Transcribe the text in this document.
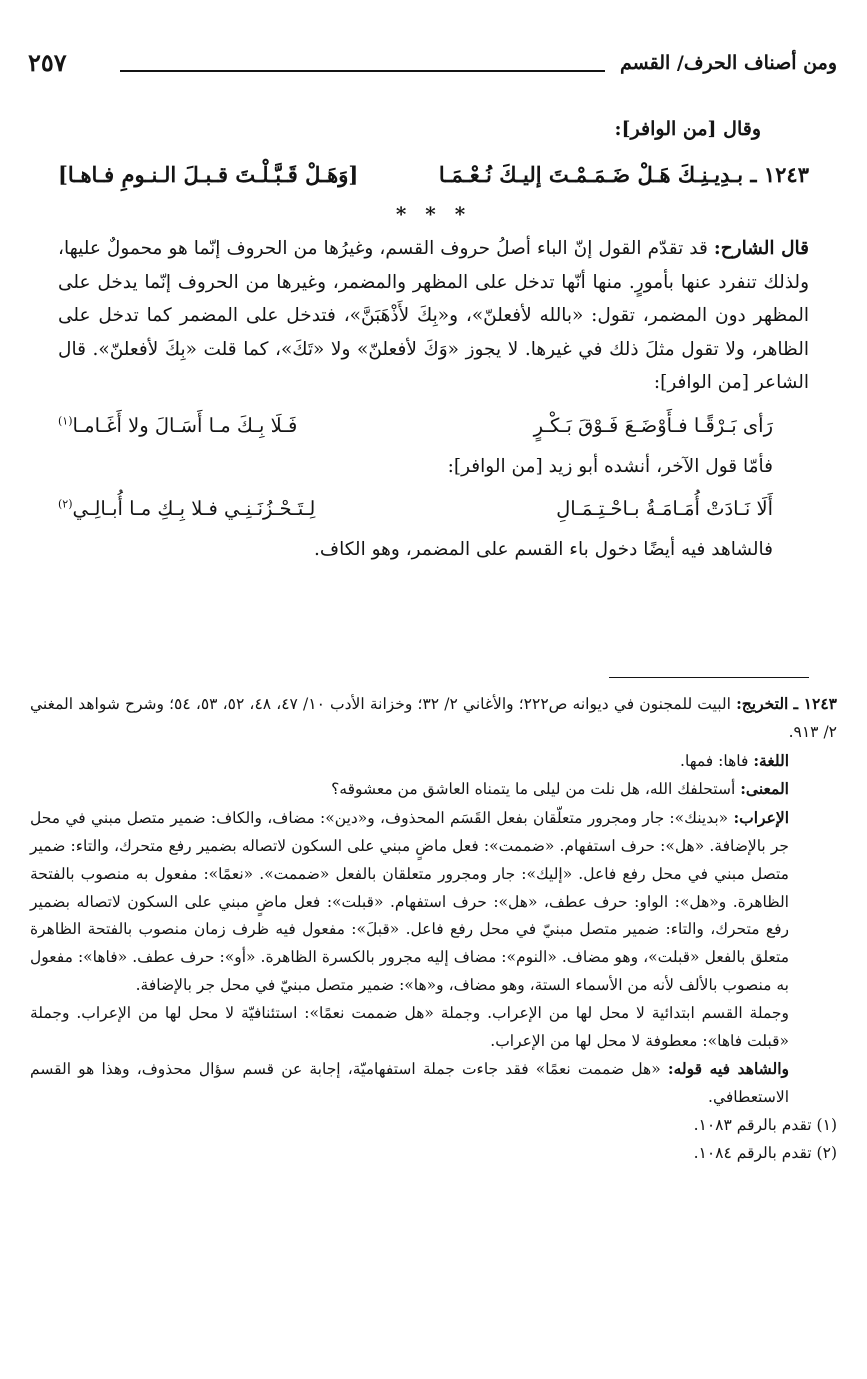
ومن أصناف الحرف/ القسم
٢٥٧
وقال [من الوافر]:
١٢٤٣ ـ بـدِيـنِـكَ هَـلْ ضَـمَـمْـتَ إليـكَ نُـعْـمَـا
[وَهَـلْ قَـبَّـلْـتَ قـبـلَ الـنـومِ فـاهـا]
* * *
قال الشارح: قد تقدّم القول إنّ الباء أصلُ حروف القسم، وغيرُها من الحروف إنّما هو محمولٌ عليها، ولذلك تنفرد عنها بأمورٍ. منها أنّها تدخل على المظهر والمضمر، وغيرها من الحروف إنّما يدخل على المظهر دون المضمر، تقول: «بالله لأفعلنّ»، و«بِكَ لأَذْهَبَنَّ»، فتدخل على المضمر كما تدخل على الظاهر، ولا تقول مثلَ ذلك في غيرها. لا يجوز «وَكَ لأفعلنّ» ولا «تَكَ»، كما قلت «بِكَ لأفعلنّ». قال الشاعر [من الوافر]:
رَأى بَـرْقًـا فـأَوْضَـعَ فَـوْقَ بَـكْـرٍ
فَـلَا بِـكَ مـا أَسَـالَ ولا أَغَـامـا$^{(١)}$
فأمّا قول الآخر، أنشده أبو زيد [من الوافر]:
أَلَا نَـادَتْ أُمَـامَـةُ بـاحْـتِـمَـالِ
لِـتَـحْـزُنَـنِـي فـلا بِـكِ مـا أُبـالِـي$^{(٢)}$
فالشاهد فيه أيضًا دخول باء القسم على المضمر، وهو الكاف.
١٢٤٣ ـ التخريج: البيت للمجنون في ديوانه ص٢٢٢؛ والأغاني ٢/ ٣٢؛ وخزانة الأدب ١٠/ ٤٧، ٤٨، ٥٢، ٥٣، ٥٤؛ وشرح شواهد المغني ٢/ ٩١٣.
اللغة: فاها: فمها.
المعنى: أستحلفك الله، هل نلت من ليلى ما يتمناه العاشق من معشوقه؟
الإعراب: «بدينك»: جار ومجرور متعلّقان بفعل القَسَم المحذوف، و«دين»: مضاف، والكاف: ضمير متصل مبني في محل جر بالإضافة. «هل»: حرف استفهام. «ضممت»: فعل ماضٍ مبني على السكون لاتصاله بضمير رفع متحرك، والتاء: ضمير متصل مبني في محل رفع فاعل. «إليك»: جار ومجرور متعلقان بالفعل «ضممت». «نعمًا»: مفعول به منصوب بالفتحة الظاهرة. و«هل»: الواو: حرف عطف، «هل»: حرف استفهام. «قبلت»: فعل ماضٍ مبني على السكون لاتصاله بضمير رفع متحرك، والتاء: ضمير متصل مبنيّ في محل رفع فاعل. «قبلَ»: مفعول فيه ظرف زمان منصوب بالفتحة الظاهرة متعلق بالفعل «قبلت»، وهو مضاف. «النوم»: مضاف إليه مجرور بالكسرة الظاهرة. «أو»: حرف عطف. «فاها»: مفعول به منصوب بالألف لأنه من الأسماء الستة، وهو مضاف، و«ها»: ضمير متصل مبنيّ في محل جر بالإضافة.
وجملة القسم ابتدائية لا محل لها من الإعراب. وجملة «هل ضممت نعمًا»: استئنافيّة لا محل لها من الإعراب. وجملة «قبلت فاها»: معطوفة لا محل لها من الإعراب.
والشاهد فيه قوله: «هل ضممت نعمًا» فقد جاءت جملة استفهاميّة، إجابة عن قسم سؤال محذوف، وهذا هو القسم الاستعطافي.
(١) تقدم بالرقم ١٠٨٣.
(٢) تقدم بالرقم ١٠٨٤.
